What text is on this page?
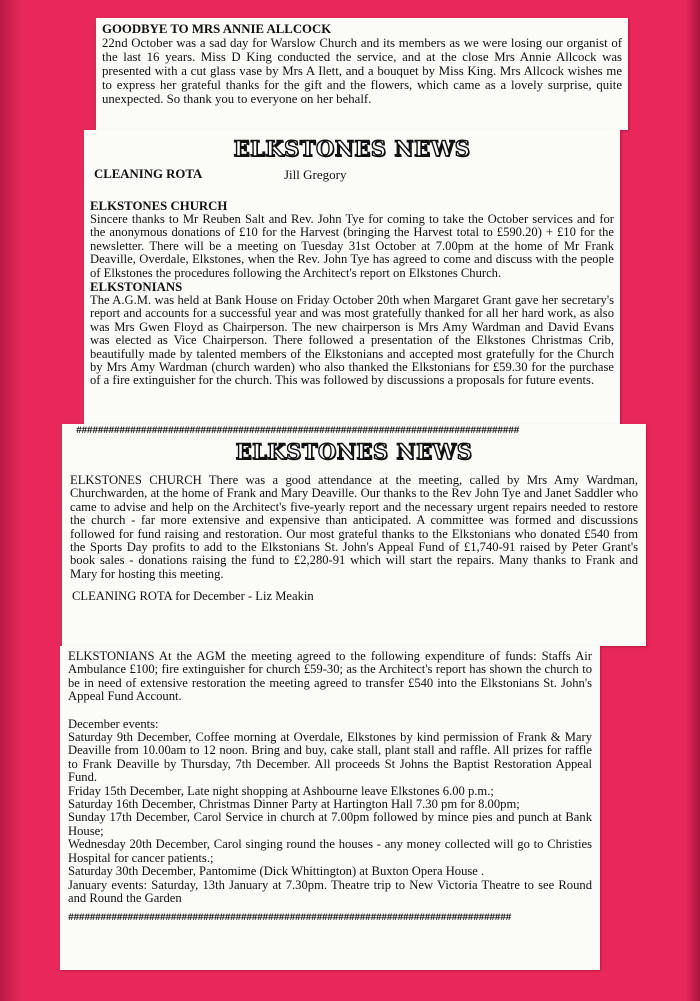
GOODBYE TO MRS ANNIE ALLCOCK

22nd October was a sad day for Warslow Church and its members as we were losing our organist of the last 16 years. Miss D King conducted the service, and at the close Mrs Annie Allcock was presented with a cut glass vase by Mrs A Ilett, and a bouquet by Miss King. Mrs Allcock wishes me to express her grateful thanks for the gift and the flowers, which came as a lovely surprise, quite unexpected. So thank you to everyone on her behalf.

ELKSTONES NEWS
CLEANING ROTA	Jill Gregory

ELKSTONES CHURCH

Sincere thanks to Mr Reuben Salt and Rev. John Tye for coming to take the October services and for the anonymous donations of £10 for the Harvest (bringing the Harvest total to £590.20) + £10 for the newsletter. There will be a meeting on Tuesday 31st October at 7.00pm at the home of Mr Frank Deaville, Overdale, Elkstones, when the Rev. John Tye has agreed to come and discuss with the people of Elkstones the procedures following the Architect's report on Elkstones Church.

ELKSTONIANS

The A.G.M. was held at Bank House on Friday October 20th when Margaret Grant gave her secretary's report and accounts for a successful year and was most gratefully thanked for all her hard work, as also was Mrs Gwen Floyd as Chairperson. The new chairperson is Mrs Amy Wardman and David Evans was elected as Vice Chairperson. There followed a presentation of the Elkstones Christmas Crib, beautifully made by talented members of the Elkstonians and accepted most gratefully for the Church by Mrs Amy Wardman (church warden) who also thanked the Elkstonians for £59.30 for the purchase of a fire extinguisher for the church. This was followed by discussions a proposals for future events.

##################################################################################
ELKSTONES NEWS

ELKSTONES CHURCH There was a good attendance at the meeting, called by Mrs Amy Wardman, Churchwarden, at the home of Frank and Mary Deaville. Our thanks to the Rev John Tye and Janet Saddler who came to advise and help on the Architect's five-yearly report and the necessary urgent repairs needed to restore the church - far more extensive and expensive than anticipated. A committee was formed and discussions followed for fund raising and restoration. Our most grateful thanks to the Elkstonians who donated £540 from the Sports Day profits to add to the Elkstonians St. John's Appeal Fund of £1,740-91 raised by Peter Grant's book sales - donations raising the fund to £2,280-91 which will start the repairs. Many thanks to Frank and Mary for hosting this meeting.

CLEANING ROTA for December - Liz Meakin

ELKSTONIANS At the AGM the meeting agreed to the following expenditure of funds: Staffs Air Ambulance £100; fire extinguisher for church £59-30; as the Architect's report has shown the church to be in need of extensive restoration the meeting agreed to transfer £540 into the Elkstonians St. John's Appeal Fund Account.

December events:

Saturday 9th December, Coffee morning at Overdale, Elkstones by kind permission of Frank & Mary Deaville from 10.00am to 12 noon. Bring and buy, cake stall, plant stall and raffle. All prizes for raffle to Frank Deaville by Thursday, 7th December. All proceeds St Johns the Baptist Restoration Appeal Fund.

Friday 15th December, Late night shopping at Ashbourne leave Elkstones 6.00 p.m.;

Saturday 16th December, Christmas Dinner Party at Hartington Hall 7.30 pm for 8.00pm;

Sunday 17th December, Carol Service in church at 7.00pm followed by mince pies and punch at Bank House;

Wednesday 20th December, Carol singing round the houses - any money collected will go to Christies Hospital for cancer patients.;

Saturday 30th December, Pantomime (Dick Whittington) at Buxton Opera House .

January events: Saturday, 13th January at 7.30pm. Theatre trip to New Victoria Theatre to see Round and Round the Garden

##################################################################################
